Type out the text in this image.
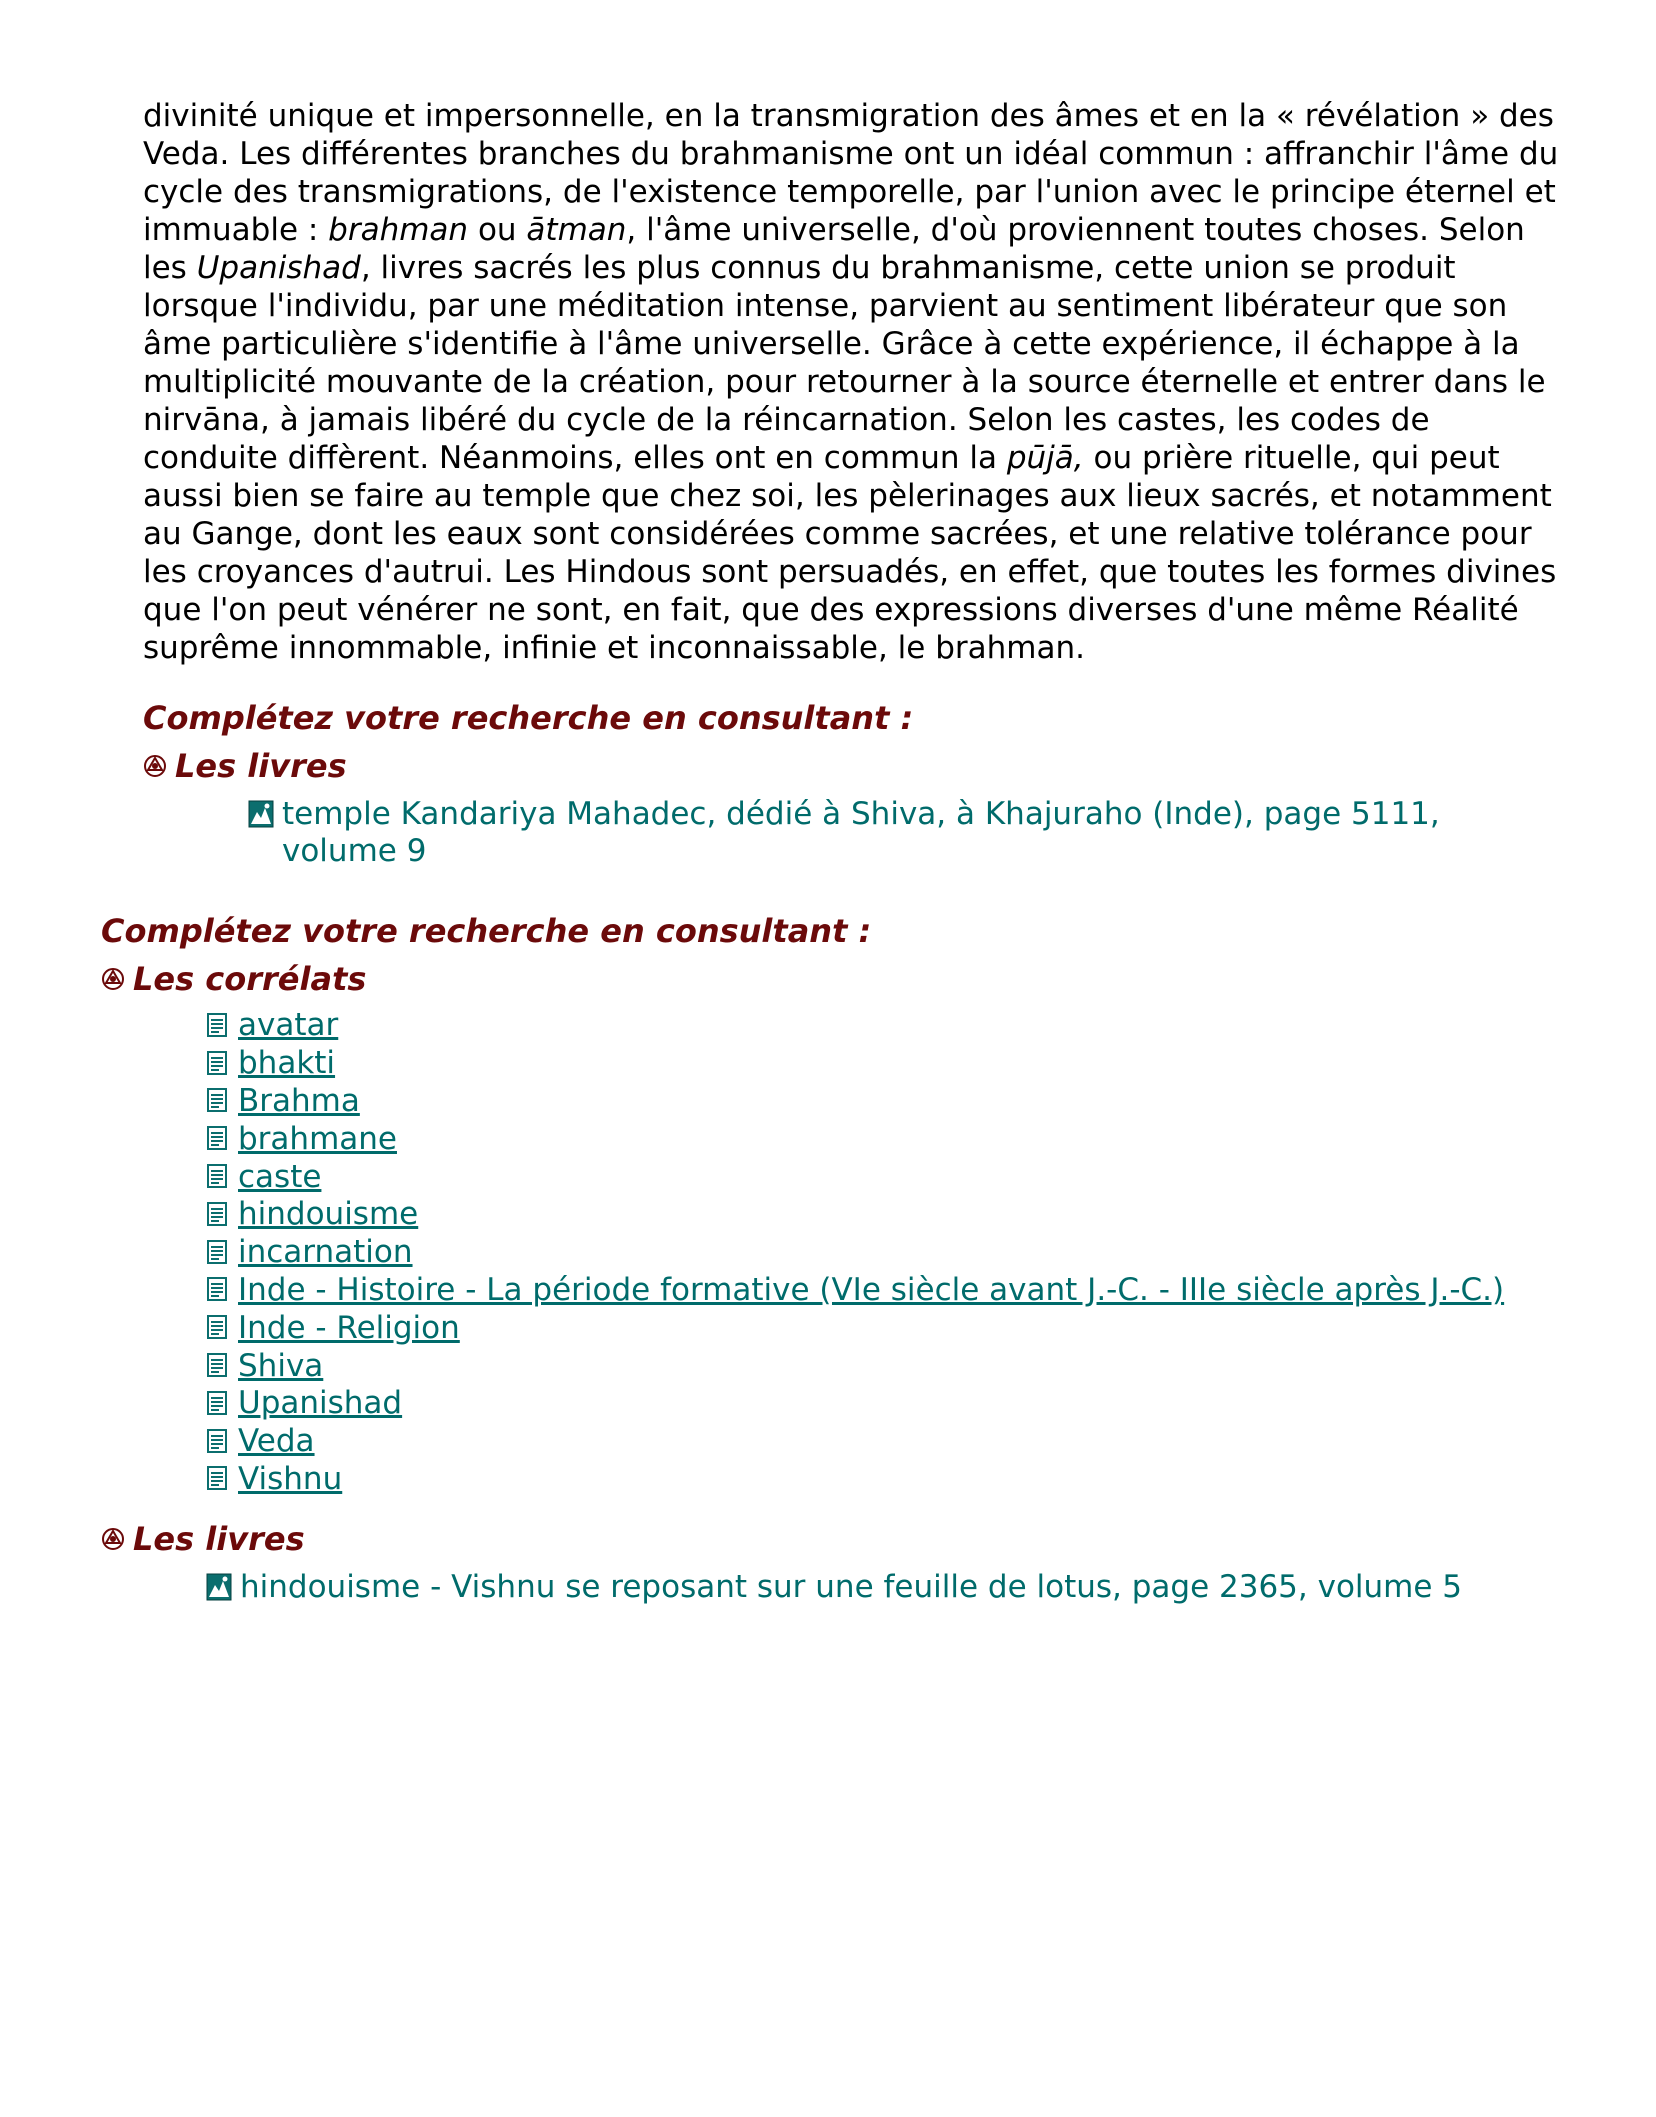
divinité unique et impersonnelle, en la transmigration des âmes et en la « révélation » des Veda. Les différentes branches du brahmanisme ont un idéal commun : affranchir l'âme du cycle des transmigrations, de l'existence temporelle, par l'union avec le principe éternel et immuable : brahman ou ātman, l'âme universelle, d'où proviennent toutes choses. Selon les Upanishad, livres sacrés les plus connus du brahmanisme, cette union se produit lorsque l'individu, par une méditation intense, parvient au sentiment libérateur que son âme particulière s'identifie à l'âme universelle. Grâce à cette expérience, il échappe à la multiplicité mouvante de la création, pour retourner à la source éternelle et entrer dans le nirvāna, à jamais libéré du cycle de la réincarnation. Selon les castes, les codes de conduite diffèrent. Néanmoins, elles ont en commun la pūjā, ou prière rituelle, qui peut aussi bien se faire au temple que chez soi, les pèlerinages aux lieux sacrés, et notamment au Gange, dont les eaux sont considérées comme sacrées, et une relative tolérance pour les croyances d'autrui. Les Hindous sont persuadés, en effet, que toutes les formes divines que l'on peut vénérer ne sont, en fait, que des expressions diverses d'une même Réalité suprême innommable, infinie et inconnaissable, le brahman.

Complétez votre recherche en consultant :

Les livres
temple Kandariya Mahadec, dédié à Shiva, à Khajuraho (Inde), page 5111, volume 9

Complétez votre recherche en consultant :

Les corrélats
avatar
bhakti
Brahma
brahmane
caste
hindouisme
incarnation
Inde - Histoire - La période formative (VIe siècle avant J.-C. - IIIe siècle après J.-C.)
Inde - Religion
Shiva
Upanishad
Veda
Vishnu
Les livres
hindouisme - Vishnu se reposant sur une feuille de lotus, page 2365, volume 5
